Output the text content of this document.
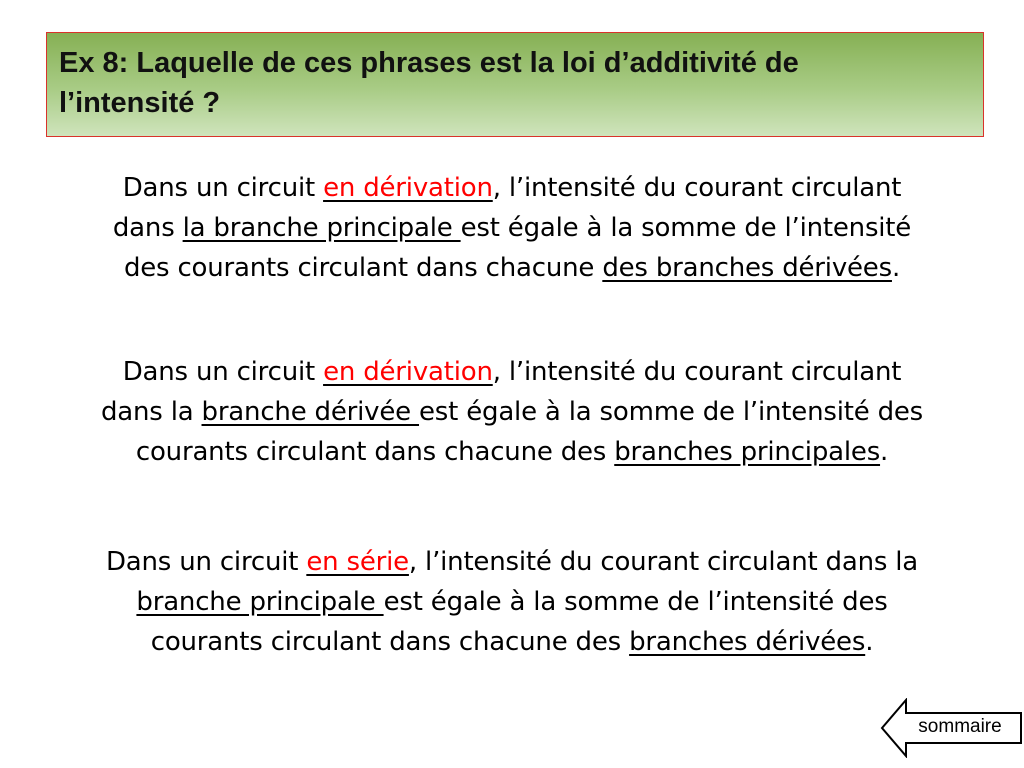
Ex 8: Laquelle de ces phrases est la loi d’additivité de
l’intensité ?
Dans un circuit en dérivation, l’intensité du courant circulant
dans la branche principale est égale à la somme de l’intensité
des courants circulant dans chacune des branches dérivées.
Dans un circuit en dérivation, l’intensité du courant circulant
dans la branche dérivée est égale à la somme de l’intensité des
courants circulant dans chacune des branches principales.
Dans un circuit en série, l’intensité du courant circulant dans la
branche principale est égale à la somme de l’intensité des
courants circulant dans chacune des branches dérivées.
sommaire
